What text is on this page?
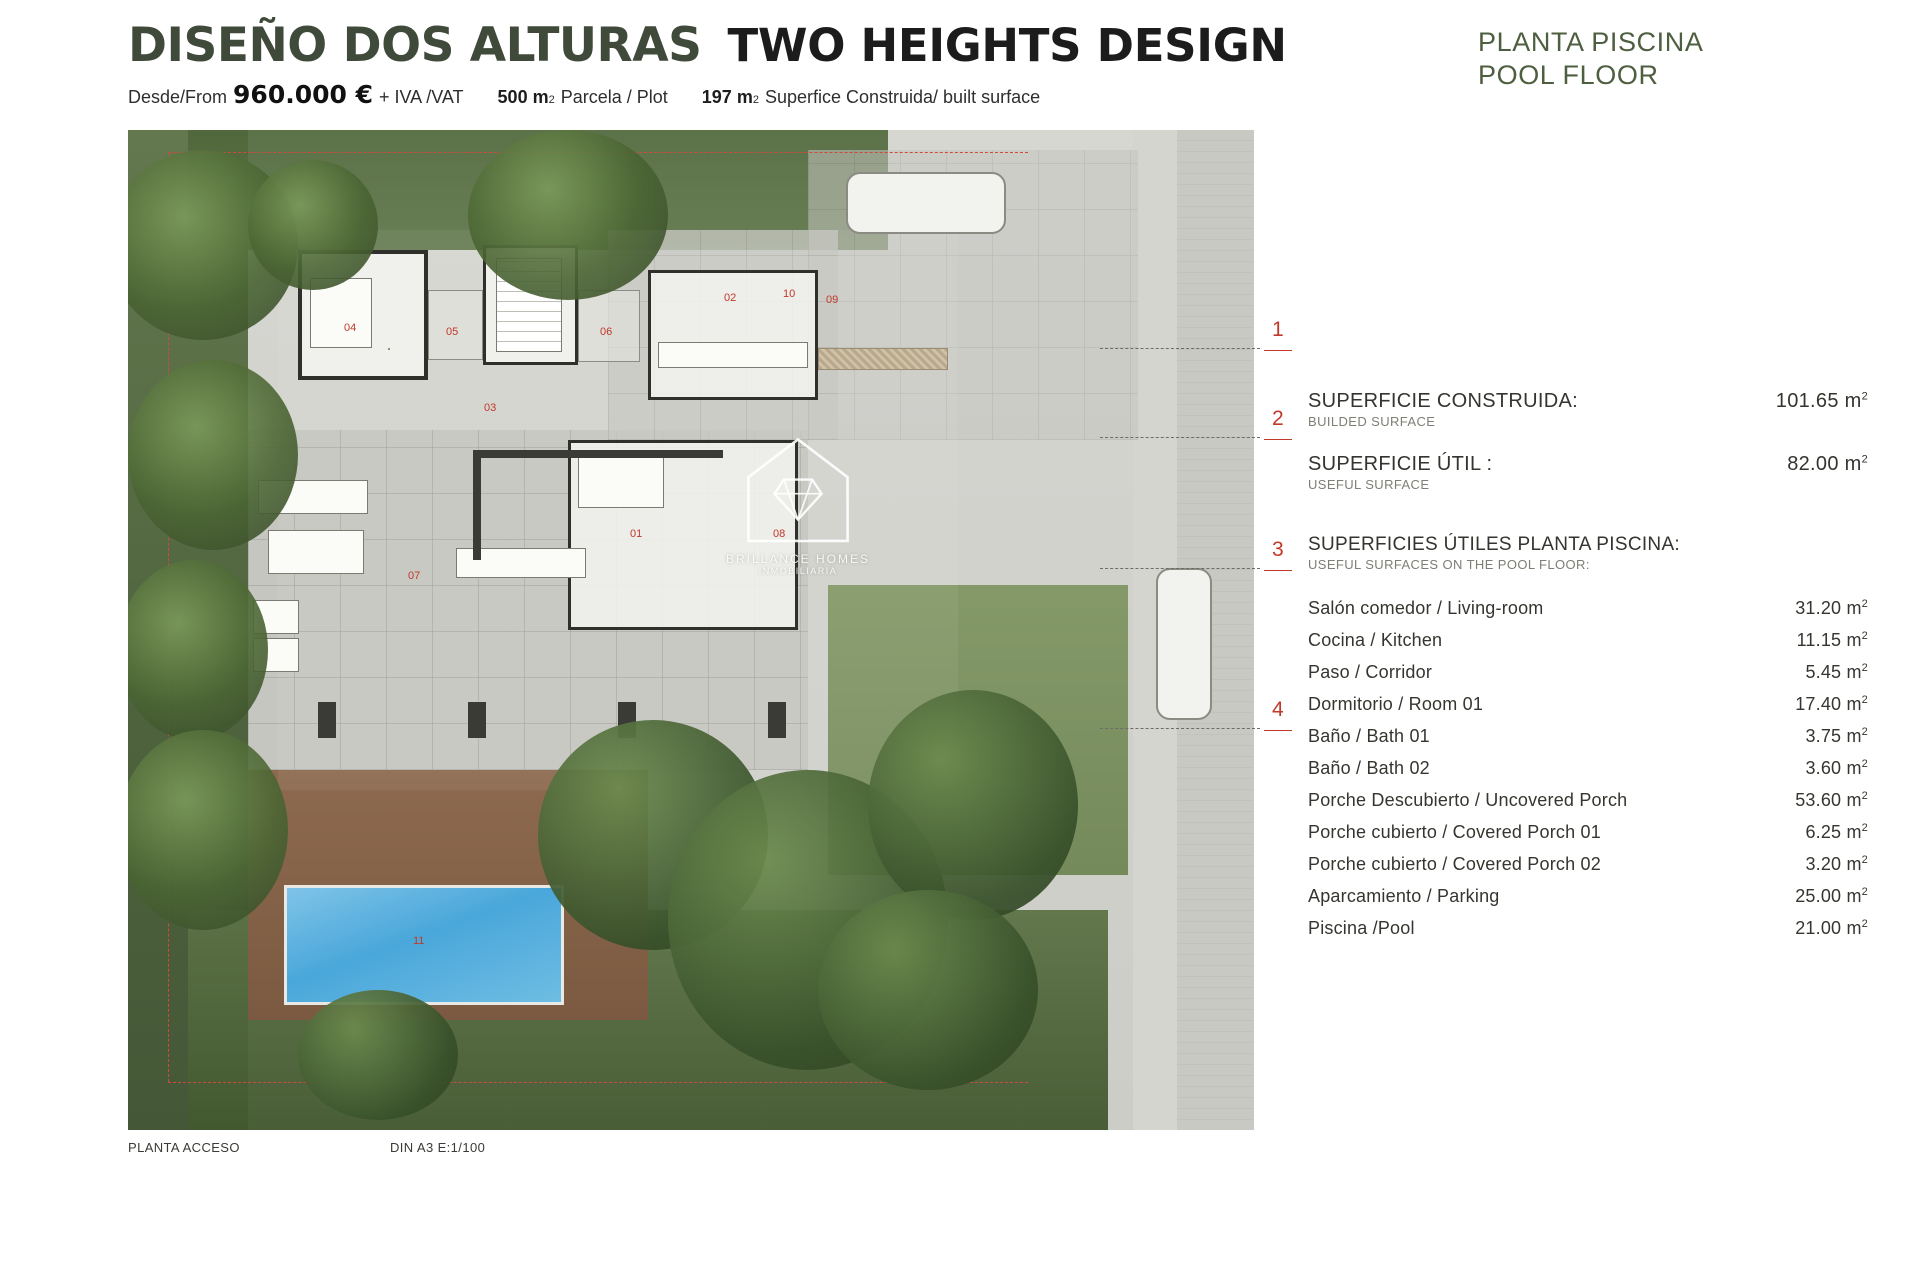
DISEÑO DOS ALTURAS TWO HEIGHTS DESIGN
Desde/From 960.000 € + IVA /VAT 500 m 2 Parcela / Plot 197 m 2 Superfice Construida/ built surface
PLANTA PISCINA
POOL FLOOR
11
04	05	06
02	09
03
01	08
07
10
BRILLANCE HOMES
INMOBILIARIA
PLANTA ACCESO	DIN A3 E:1/100
1
2
3
4
SUPERFICIE CONSTRUIDA:	101.65 $m^2$
BUILDED SURFACE
SUPERFICIE ÚTIL :	82.00 $m^2$
USEFUL SURFACE
SUPERFICIES ÚTILES PLANTA PISCINA:
USEFUL SURFACES ON THE POOL FLOOR:
Salón comedor / Living-room	31.20 $m^2$
Cocina / Kitchen	11.15 $m^2$
Paso / Corridor	5.45 $m^2$
Dormitorio / Room 01	17.40 $m^2$
Baño / Bath 01	3.75 $m^2$
Baño / Bath 02	3.60 $m^2$
Porche Descubierto / Uncovered Porch	53.60 $m^2$
Porche cubierto / Covered Porch 01	6.25 $m^2$
Porche cubierto / Covered Porch 02	3.20 $m^2$
Aparcamiento / Parking	25.00 $m^2$
Piscina /Pool	21.00 $m^2$
